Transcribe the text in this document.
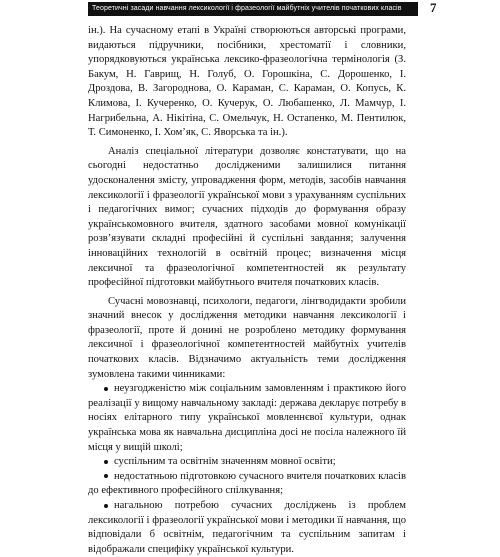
Теоретичні засади навчання лексикології і фразеології майбутніх учителів початкових класів	7

ін.). На сучасному етапі в Україні створюються авторські програми, видаються підручники, посібники, хрестоматії і словники, упорядковуються українська лексико-фразеологічна термінологія (З. Бакум, Н. Гаврищ, Н. Голуб, О. Горошкіна, С. Дорошенко, І. Дроздова, В. Загороднова, О. Караман, С. Караман, О. Копусь, К. Климова, І. Кучеренко, О. Кучерук, О. Любашенко, Л. Мамчур, І. Нагрибельна, А. Нікітіна, С. Омельчук, Н. Остапенко, М. Пентилюк, Т. Симоненко, І. Хом’як, С. Яворська та ін.).

Аналіз спеціальної літератури дозволяє констатувати, що на сьогодні недостатньо дослідженими залишилися питання удосконалення змісту, упровадження форм, методів, засобів навчання лексикології і фразеології української мови з урахуванням суспільних і педагогічних вимог; сучасних підходів до формування образу українськомовного вчителя, здатного засобами мовної комунікації розв’язувати складні професійні й суспільні завдання; залучення інноваційних технологій в освітній процес; визначення місця лексичної та фразеологічної компетентностей як результату професійної підготовки майбутнього вчителя початкових класів.

Сучасні мовознавці, психологи, педагоги, лінгводидакти зробили значний внесок у дослідження методики навчання лексикології і фразеології, проте й донині не розроблено методику формування лексичної і фразеологічної компетентностей майбутніх учителів початкових класів. Відзначимо актуальність теми дослідження зумовлена такими чинниками:

неузгодженістю між соціальним замовленням і практикою його реалізації у вищому навчальному закладі: держава декларує потребу в носіях елітарного типу української мовленнєвої культури, однак українська мова як навчальна дисципліна досі не посіла належного їй місця у вищій школі;
суспільним та освітнім значенням мовної освіти;
недостатньою підготовкою сучасного вчителя початкових класів до ефективного професійного спілкування;
нагальною потребою сучасних досліджень із проблем лексикології і фразеології української мови і методики її навчання, що відповідали б освітнім, педагогічним та суспільним запитам і відображали специфіку української культури.
